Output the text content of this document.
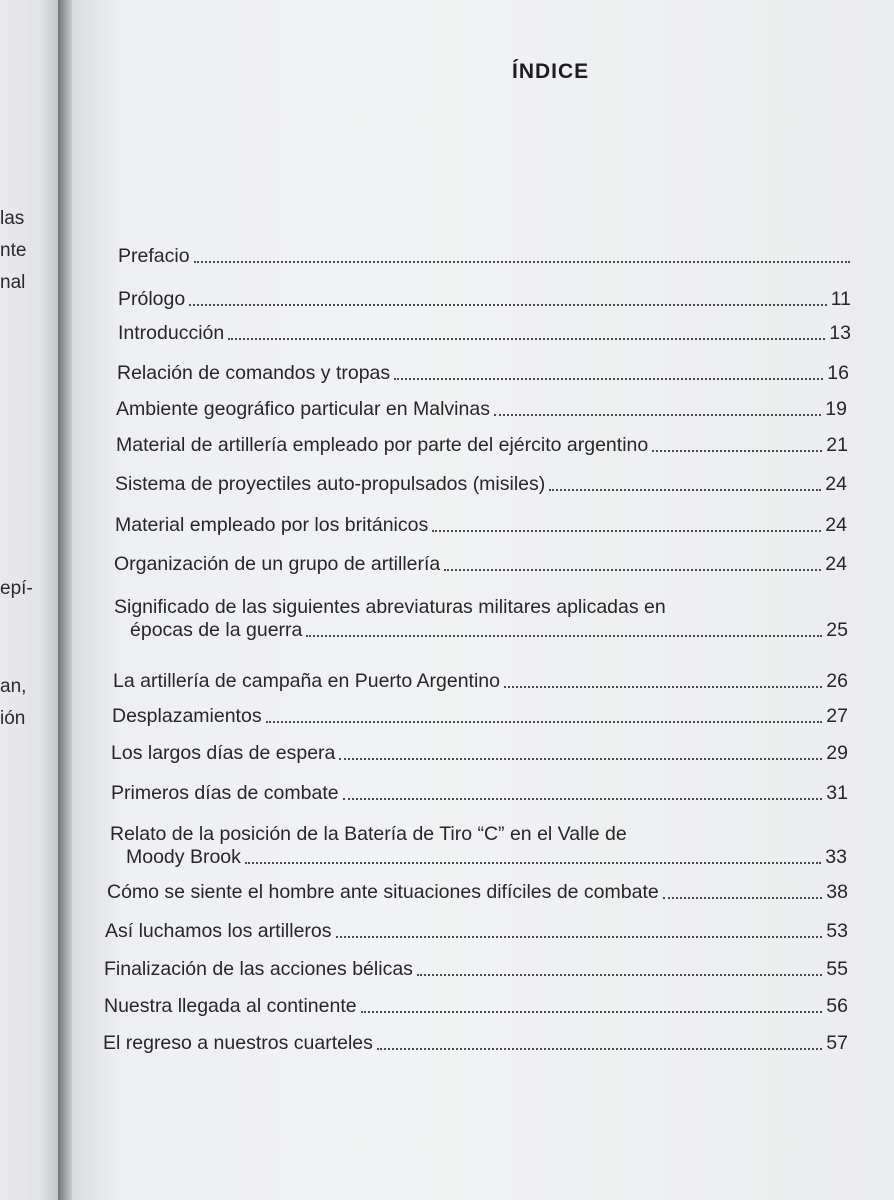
las
nte
nal
epí-
an,
ión
ÍNDICE
Prefacio
Prólogo	11
Introducción	13
Relación de comandos y tropas	16
Ambiente geográfico particular en Malvinas	19
Material de artillería empleado por parte del ejército argentino	21
Sistema de proyectiles auto-propulsados (misiles)	24
Material empleado por los británicos	24
Organización de un grupo de artillería	24
Significado de las siguientes abreviaturas militares aplicadas en
épocas de la guerra	25
La artillería de campaña en Puerto Argentino	26
Desplazamientos	27
Los largos días de espera	29
Primeros días de combate	31
Relato de la posición de la Batería de Tiro “C” en el Valle de
Moody Brook	33
Cómo se siente el hombre ante situaciones difíciles de combate	38
Así luchamos los artilleros	53
Finalización de las acciones bélicas	55
Nuestra llegada al continente	56
El regreso a nuestros cuarteles	57
